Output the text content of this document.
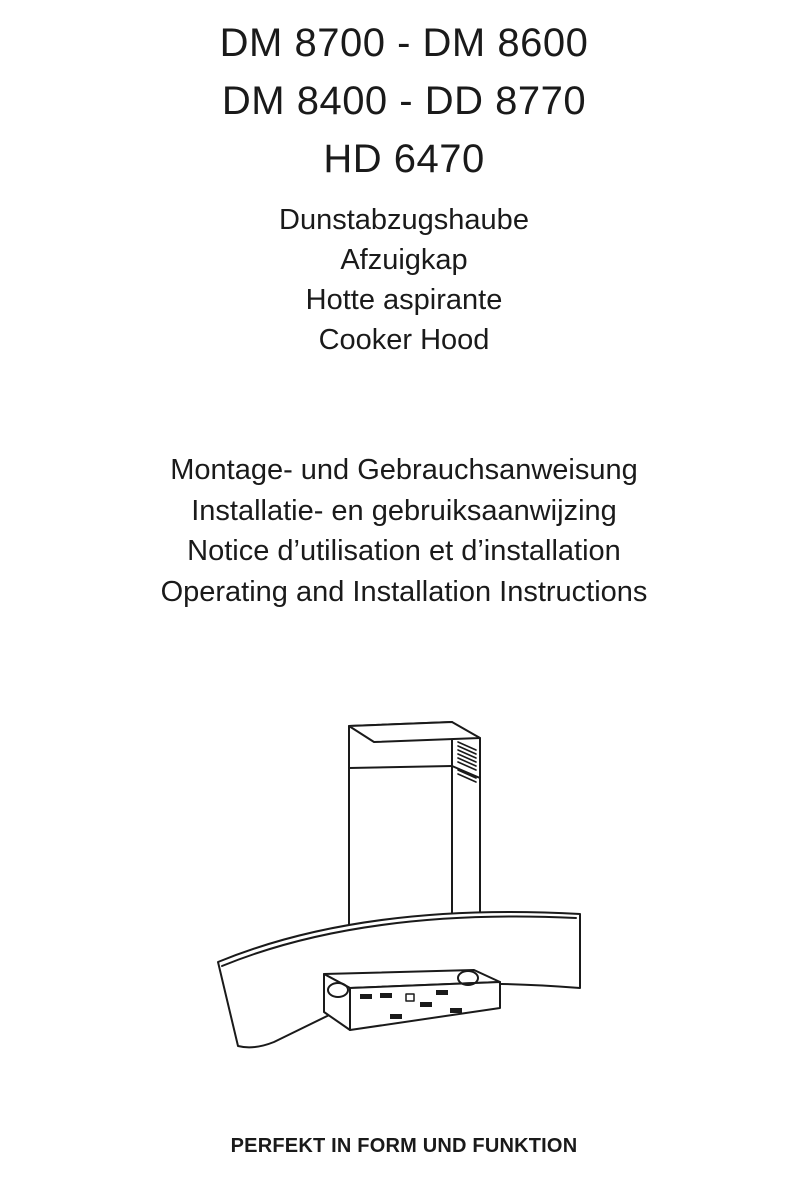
DM 8700 - DM 8600
DM 8400 - DD 8770
HD 6470
Dunstabzugshaube
Afzuigkap
Hotte aspirante
Cooker Hood
Montage- und Gebrauchsanweisung
Installatie- en gebruiksaanwijzing
Notice d’utilisation et d’installation
Operating and Installation Instructions
PERFEKT IN FORM UND FUNKTION
